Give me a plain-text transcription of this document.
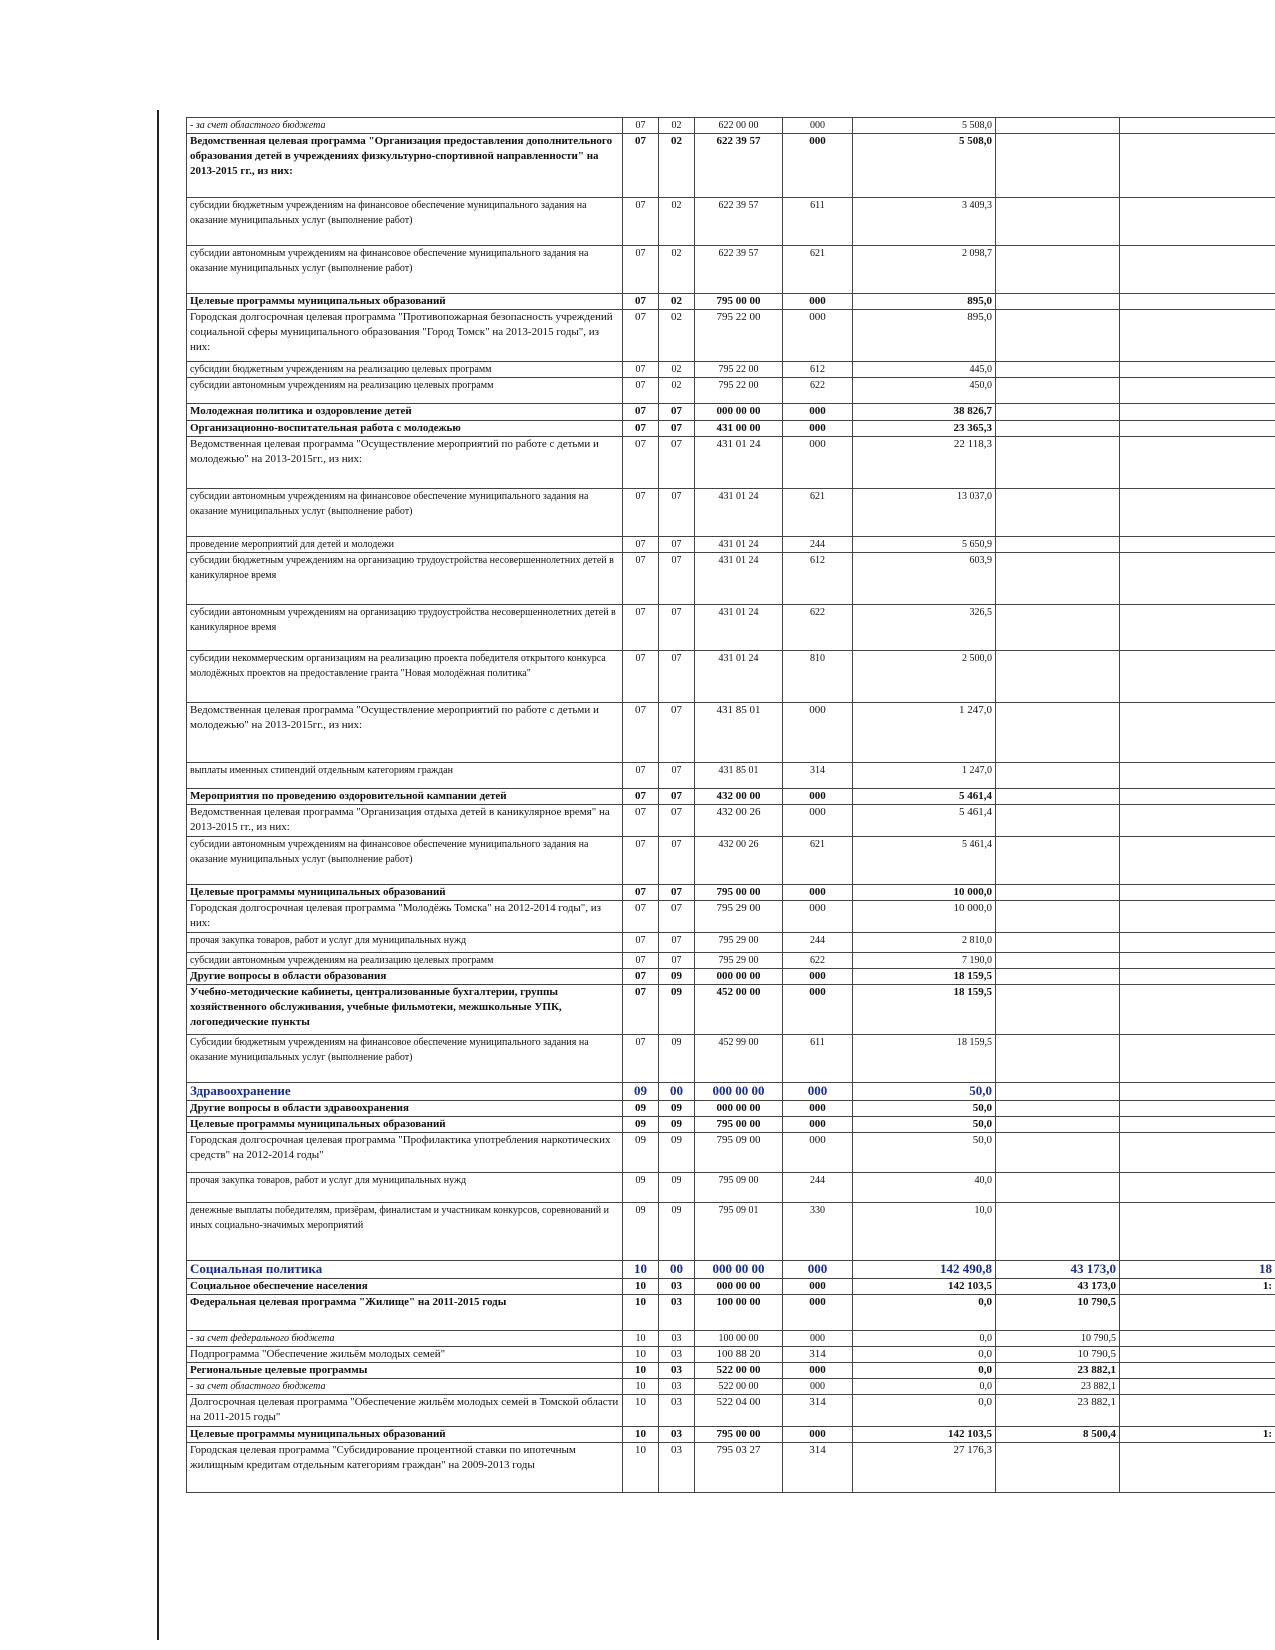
- за счет областного бюджета	07	02	622 00 00	000	5 508,0		
Ведомственная целевая программа "Организация предоставления дополнительного образования детей в учреждениях физкультурно-спортивной направленности" на 2013-2015 гг., из них:	07	02	622 39 57	000	5 508,0		
субсидии бюджетным учреждениям на финансовое обеспечение муниципального задания на оказание муниципальных услуг (выполнение работ)	07	02	622 39 57	611	3 409,3		
субсидии автономным учреждениям на финансовое обеспечение муниципального задания на оказание муниципальных услуг (выполнение работ)	07	02	622 39 57	621	2 098,7		
Целевые программы муниципальных образований	07	02	795 00 00	000	895,0		
Городская долгосрочная целевая программа "Противопожарная безопасность учреждений социальной сферы муниципального образования "Город Томск" на 2013-2015 годы", из них:	07	02	795 22 00	000	895,0		
субсидии бюджетным учреждениям на реализацию целевых программ	07	02	795 22 00	612	445,0		
субсидии автономным учреждениям на реализацию целевых программ	07	02	795 22 00	622	450,0		
Молодежная политика и оздоровление детей	07	07	000 00 00	000	38 826,7		
Организационно-воспитательная работа с молодежью	07	07	431 00 00	000	23 365,3		
Ведомственная целевая программа "Осуществление мероприятий по работе с детьми и молодежью" на 2013-2015гг., из них:	07	07	431 01 24	000	22 118,3		
субсидии автономным учреждениям на финансовое обеспечение муниципального задания на оказание муниципальных услуг (выполнение работ)	07	07	431 01 24	621	13 037,0		
проведение мероприятий для детей и молодежи	07	07	431 01 24	244	5 650,9		
субсидии бюджетным учреждениям на организацию трудоустройства несовершеннолетних детей в каникулярное время	07	07	431 01 24	612	603,9		
субсидии автономным учреждениям на организацию трудоустройства несовершеннолетних детей в каникулярное время	07	07	431 01 24	622	326,5		
субсидии некоммерческим организациям на реализацию проекта победителя открытого конкурса молодёжных проектов на предоставление гранта "Новая молодёжная политика"	07	07	431 01 24	810	2 500,0		
Ведомственная целевая программа "Осуществление мероприятий по работе с детьми и молодежью" на 2013-2015гг., из них:	07	07	431 85 01	000	1 247,0		
выплаты именных стипендий отдельным категориям граждан	07	07	431 85 01	314	1 247,0		
Мероприятия по проведению оздоровительной кампании детей	07	07	432 00 00	000	5 461,4		
Ведомственная целевая программа "Организация отдыха детей в каникулярное время" на 2013-2015 гг., из них:	07	07	432 00 26	000	5 461,4		
субсидии автономным учреждениям на финансовое обеспечение муниципального задания на оказание муниципальных услуг (выполнение работ)	07	07	432 00 26	621	5 461,4		
Целевые программы муниципальных образований	07	07	795 00 00	000	10 000,0		
Городская долгосрочная целевая программа "Молодёжь Томска" на 2012-2014 годы", из них:	07	07	795 29 00	000	10 000,0		
прочая закупка товаров, работ и услуг для муниципальных нужд	07	07	795 29 00	244	2 810,0		
субсидии автономным учреждениям на реализацию целевых программ	07	07	795 29 00	622	7 190,0		
Другие вопросы в области образования	07	09	000 00 00	000	18 159,5		
Учебно-методические кабинеты, централизованные бухгалтерии, группы хозяйственного обслуживания, учебные фильмотеки, межшкольные УПК, логопедические пункты	07	09	452 00 00	000	18 159,5		
Субсидии бюджетным учреждениям на финансовое обеспечение муниципального задания на оказание муниципальных услуг (выполнение работ)	07	09	452 99 00	611	18 159,5		
Здравоохранение	09	00	000 00 00	000	50,0		
Другие вопросы в области здравоохранения	09	09	000 00 00	000	50,0		
Целевые программы муниципальных образований	09	09	795 00 00	000	50,0		
Городская долгосрочная целевая программа "Профилактика употребления наркотических средств" на 2012-2014 годы"	09	09	795 09 00	000	50,0		
прочая закупка товаров, работ и услуг для муниципальных нужд	09	09	795 09 00	244	40,0		
денежные выплаты победителям, призёрам, финалистам и участникам конкурсов, соревнований и иных социально-значимых мероприятий	09	09	795 09 01	330	10,0		
Социальная политика	10	00	000 00 00	000	142 490,8	43 173,0	18
Социальное обеспечение населения	10	03	000 00 00	000	142 103,5	43 173,0	1:
Федеральная целевая программа "Жилище" на 2011-2015 годы	10	03	100 00 00	000	0,0	10 790,5	
- за счет федерального бюджета	10	03	100 00 00	000	0,0	10 790,5	
Подпрограмма "Обеспечение жильём молодых семей"	10	03	100 88 20	314	0,0	10 790,5	
Региональные целевые программы	10	03	522 00 00	000	0,0	23 882,1	
- за счет областного бюджета	10	03	522 00 00	000	0,0	23 882,1	
Долгосрочная целевая программа "Обеспечение жильём молодых семей в Томской области на 2011-2015 годы"	10	03	522 04 00	314	0,0	23 882,1	
Целевые программы муниципальных образований	10	03	795 00 00	000	142 103,5	8 500,4	1:
Городская целевая программа "Субсидирование процентной ставки по ипотечным жилищным кредитам отдельным категориям граждан" на 2009-2013 годы	10	03	795 03 27	314	27 176,3		
